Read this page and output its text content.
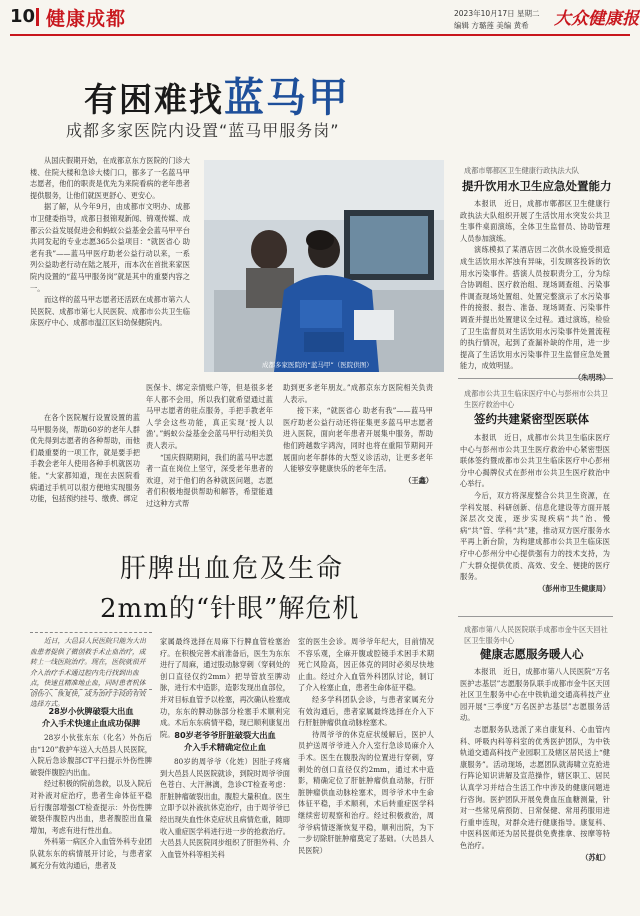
10 健康成都	2023年10月17日 星期二
编辑 方璐莲 美编 黄希 大众健康报
有困难找蓝马甲
成都多家医院内设置“蓝马甲服务岗”

从国庆假期开始，在成都京东方医院的门诊大楼、住院大楼和急诊大楼门口，都多了一名蓝马甲志愿者，他们的职责是优先为来院看病的老年患者提供服务，让他们就医更舒心、更安心。

据了解，从今年9月，由成都市文明办、成都市卫健委指导，成都日报锦观新闻、锦观传媒、成都云公益发展促进会和蚂蚁公益基金会蓝马甲平台共同发起的专业志愿365公益项目：“就医省心 助老有我”——蓝马甲医疗助老公益行动以来，一系列公益助老行动在陆之展开，而本次在首批来家医院内设置的“蓝马甲服务岗”就是其中的重要内容之一。

而这样的蓝马甲志愿者还活跃在成都市第六人民医院、成都市第七人民医院、成都市公共卫生临床医疗中心、成都市温江区妇幼保健院内。

成都多家医院的“蓝马甲”（医院供图）

在各个医院履行设置设置的蓝马甲服务岗，帮助60岁的老年人群优先得到志愿者的各种帮助，而他们最重要的一项工作，就是要手把手教会老年人使用各种手机就医功能。“大家都知道，现在去医院看病通过手机可以很方便地实现服务功能，包括预约挂号、缴费、绑定

医保卡、绑定亲情账户等，但是很多老年人都不会用，所以我们就希望通过蓝马甲志愿者的驻点服务，手把手教老年人学会这些功能，真正实现‘授人以渔’。”蚂蚁公益基金会蓝马甲行动相关负责人表示。

“国庆假期期间，我们的蓝马甲志愿者一直在岗位上坚守，深受老年患者的欢迎，对于他们的各种就医问题，志愿者们积极地提供帮助和解答，希望能通过这种方式帮

助到更多老年朋友。”成都京东方医院相关负责人表示。

接下来，“就医省心 助老有我”——蓝马甲医疗助老公益行动还将征集更多蓝马甲志愿者进入医院，面向老年患者开展集中服务，帮助他们跨越数字鸿沟，同时也将在重阳节期间开展面向老年群体的大型义诊活动，让更多老年人能够安享健康快乐的老年生活。

（王鑫）

肝脾出血危及生命
2mm的“针眼”解危机
近日，大邑县人民医院只能为大出血患者提供了微创救手术止血治疗，成转上一线医院治疗。现在，医院就很开介入治疗手术通过腔内先行找到出血点，快速且精准地止血，同时患者机体创伤小、恢复快，成为治疗手段的有效选择方式。
28岁小伙脾破裂大出血
介入手术快速止血成功保脾

28岁小伙张东东（化名）外伤后由“120”救护车送入大邑县人民医院，入院后急诊腹部CT平扫提示外伤性脾破裂伴腹腔内出血。

经过积极的院前急救，以及入院后对补液对症治疗，患者生命体征平稳后行腹部增强CT检查提示：外伤性脾破裂伴腹腔内出血，患者腹腔出血量增加，考虑有进行性出血。

外科第一病区介入血管外科专业团队就东东的病情展开讨论，与患者家属充分有效沟通后，患者及

家属最终选择在局麻下行脾血管栓塞治疗。在积极完善术前准备后，医生为东东进行了局麻，通过股动脉穿刺（穿刺处的创口直径仅约2mm）把导管放至脾动脉，进行术中造影，造影发现出血部位，并对目标血管予以栓塞，再次确认栓塞成功，东东的脾动脉部分栓塞手术顺利完成。术后东东病情平稳，现已顺利康复出院。 80岁老爷爷肝脏破裂大出血
介入手术精确定位止血

80岁的周爷爷（化姓）因肚子疼痛到大邑县人民医院就诊，到院时周爷爷面色苍白、大汗淋漓，急诊CT检查考虑：肝脏肿瘤破裂出血，腹腔大量积血。医生立即予以补液抗休克治疗，由于周爷爷已经出现失血性休克症状且病情危重，随即收入重症医学科进行进一步的抢救治疗。大邑县人民医院同步组织了肝胆外科、介入血管外科等相关科

室的医生会诊。周爷爷年纪大，目前情况不容乐观，全麻开腹或腔镜手术困手术期死亡风险高，因正体克的同时必须尽快地止血。经过介入血管外科团队讨论，制订了介入栓塞止血，患者生命体征平稳。

经多学科团队会诊，与患者家属充分有效沟通后，患者家属最终选择在介入下行肝脏肿瘤供血动脉栓塞术。

待周爷爷的休克症状缓解后，医护人员护送周爷爷进入介入室行急诊局麻介入手术。医生在腹股沟的位置进行穿刺，穿刺处的创口直径仅约2mm，通过术中造影，精确定位了肝脏肿瘤供血动脉，行肝脏肿瘤供血动脉栓塞术，周爷爷术中生命体征平稳，手术顺利，术后转重症医学科继续密切观察和治疗。经过积极救治，周爷爷病情逐渐恢复平稳，顺利出院，为下一步切除肝脏肿瘤奠定了基础。（大邑县人民医院）

成都市郫都区卫生健康行政执法大队
提升饮用水卫生应急处置能力

本报讯　近日，成都市郫都区卫生健康行政执法大队组织开展了生活饮用水突发公共卫生事件桌面演练，全体卫生监督员、协助管理人员参加演练。

演练模拟了某酒店因二次供水设施受损造成生活饮用水浑浊有异味，引发顾客投诉的饮用水污染事件。搭演人员按职责分工，分为综合协调组、医疗救治组、现场调查组、污染事件调查现场处置组、处置完整演示了水污染事件的接报、报告、准备、现场调查、污染事件调查并提出处置建议全过程。通过演练，检验了卫生监督员对生活饮用水污染事件处置流程的执行情况，起到了查漏补缺的作用，进一步提高了生活饮用水污染事件卫生监督应急处置能力，成效明显。

成都市公共卫生临床医疗中心与彭州市公共卫生医疗救治中心
签约共建紧密型医联体

本报讯　近日，成都市公共卫生临床医疗中心与彭州市公共卫生医疗救治中心紧密型医联体签约暨成都市公共卫生临床医疗中心彭州分中心揭牌仪式在彭州市公共卫生医疗救治中心举行。

今后，双方将深度整合公共卫生资源，在学科发展、科研创新、信息化建设等方面开展深层次交流，逐步实现疾病“共”治、慢病“共”管、学科“共”建，推动双方医疗服务水平再上新台阶，为构建成都市公共卫生临床医疗中心彭州分中心提供强有力的技术支持，为广大群众提供优质、高效、安全、便捷的医疗服务。

（彭州市卫生健康局）

成都市第八人民医院联手成都市金牛区天回社区卫生服务中心
健康志愿服务暖人心

本报讯　近日，成都市第八人民医院“万名医护志基层”志愿服务队联手成都市金牛区天回社区卫生服务中心在中铁轨道交通高科技产业园开展“三季度”万名医护志基层”志愿服务活动。

志愿服务队选派了来自康复科、心血管内科、呼吸内科等科室的优秀医护团队，为中铁轨道交通高科技产业园职工及辖区居民送上“健康服务”。活动现场，志愿团队就海啸立克抢进行阵论知识讲解及宣范操作，辖区职工、居民认真学习并结合生活工作中涉及的健康问题进行咨询。医护团队开展免费血压血糖测量，针对一些常见病预防、日常保健、常用药服用进行重申连现，对群众进行健康指导。康复科、中医科医师还为居民提供免费推拿、按摩等特色治疗。

（苏虹）
